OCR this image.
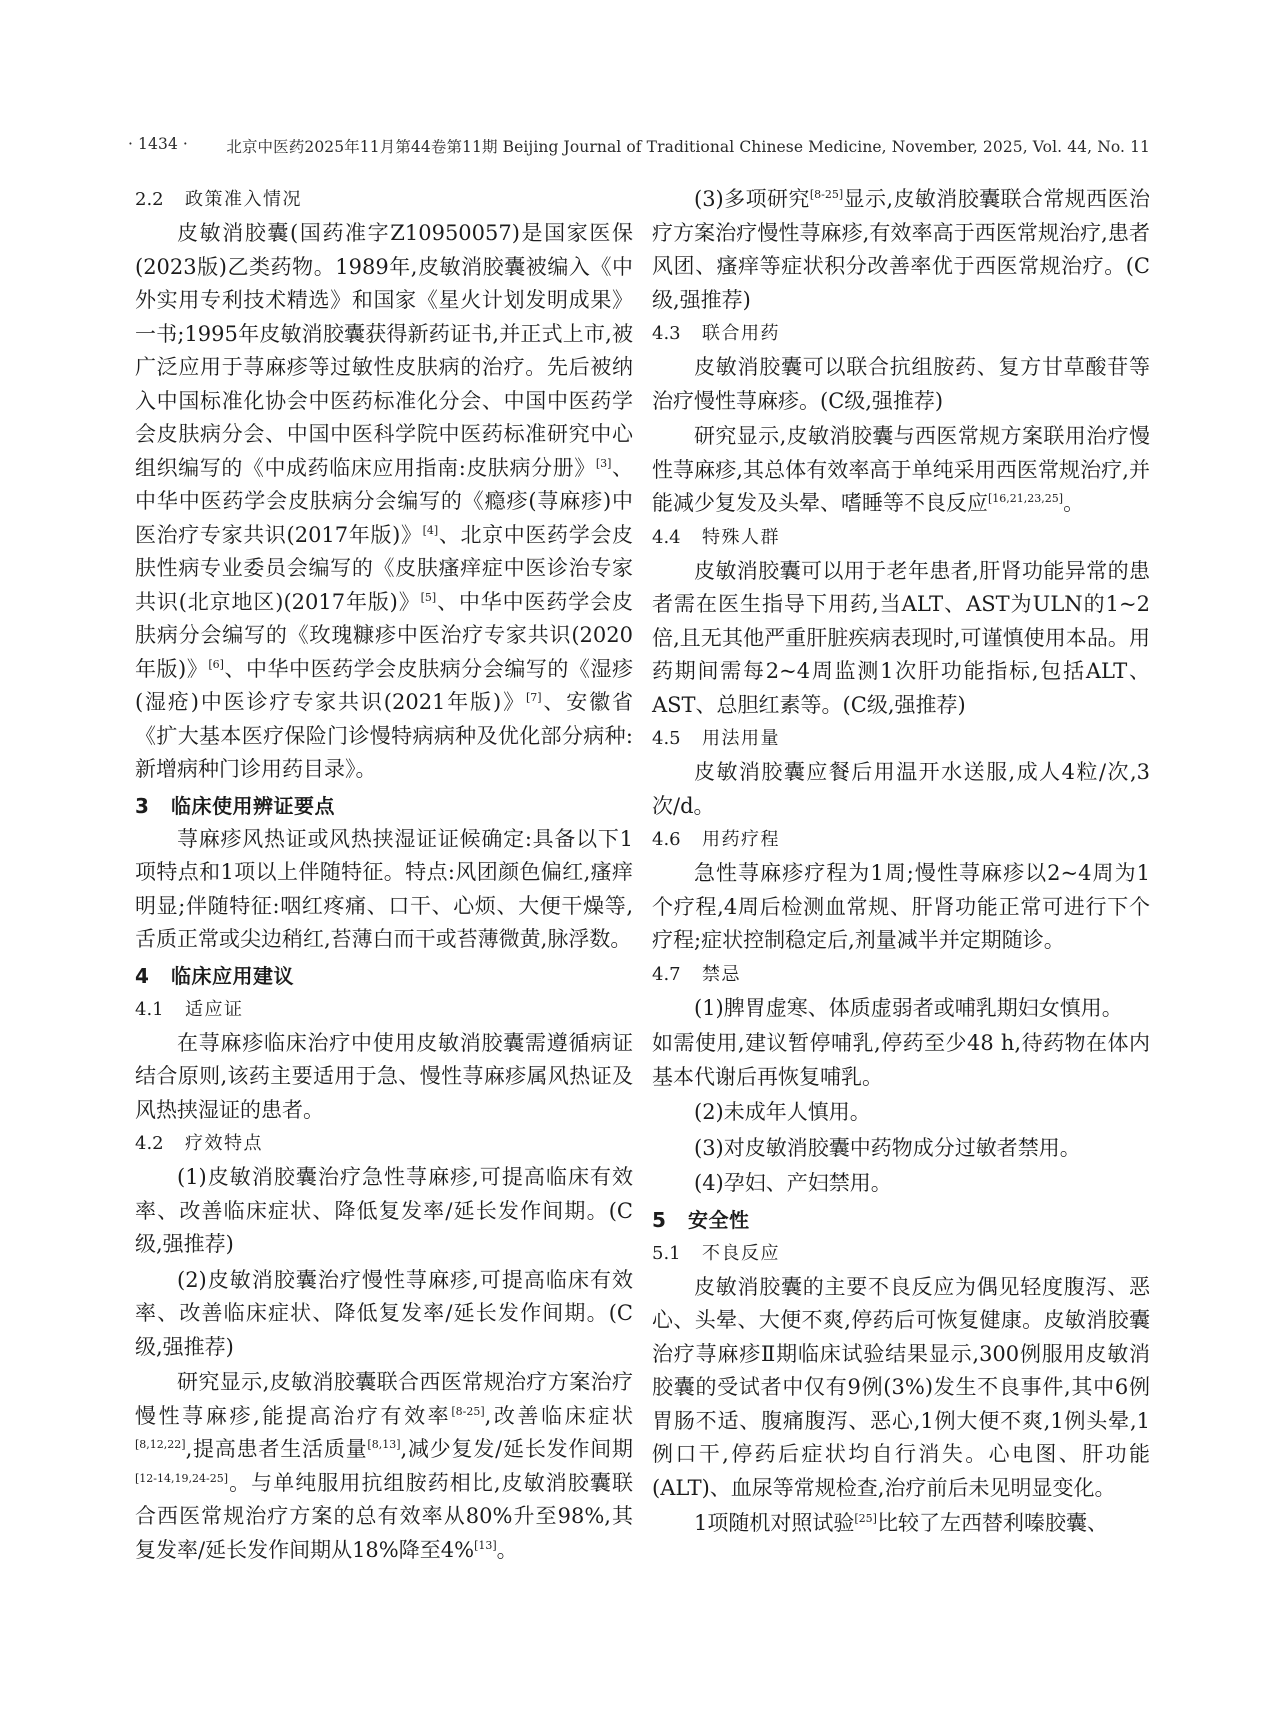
· 1434 · 北京中医药2025年11月第44卷第11期 Beijing Journal of Traditional Chinese Medicine, November, 2025, Vol. 44, No. 11
2.2 政策准入情况
皮敏消胶囊(国药准字Z10950057)是国家医保(2023版)乙类药物。1989年,皮敏消胶囊被编入《中外实用专利技术精选》和国家《星火计划发明成果》一书;1995年皮敏消胶囊获得新药证书,并正式上市,被广泛应用于荨麻疹等过敏性皮肤病的治疗。先后被纳入中国标准化协会中医药标准化分会、中国中医药学会皮肤病分会、中国中医科学院中医药标准研究中心组织编写的《中成药临床应用指南:皮肤病分册》[3]、中华中医药学会皮肤病分会编写的《瘾疹(荨麻疹)中医治疗专家共识(2017年版)》[4]、北京中医药学会皮肤性病专业委员会编写的《皮肤瘙痒症中医诊治专家共识(北京地区)(2017年版)》[5]、中华中医药学会皮肤病分会编写的《玫瑰糠疹中医治疗专家共识(2020年版)》[6]、中华中医药学会皮肤病分会编写的《湿疹(湿疮)中医诊疗专家共识(2021年版)》[7]、安徽省《扩大基本医疗保险门诊慢特病病种及优化部分病种:新增病种门诊用药目录》。
3 临床使用辨证要点
荨麻疹风热证或风热挟湿证证候确定:具备以下1项特点和1项以上伴随特征。特点:风团颜色偏红,瘙痒明显;伴随特征:咽红疼痛、口干、心烦、大便干燥等,舌质正常或尖边稍红,苔薄白而干或苔薄微黄,脉浮数。
4 临床应用建议
4.1 适应证
在荨麻疹临床治疗中使用皮敏消胶囊需遵循病证结合原则,该药主要适用于急、慢性荨麻疹属风热证及风热挟湿证的患者。
4.2 疗效特点
(1)皮敏消胶囊治疗急性荨麻疹,可提高临床有效率、改善临床症状、降低复发率/延长发作间期。(C级,强推荐)
(2)皮敏消胶囊治疗慢性荨麻疹,可提高临床有效率、改善临床症状、降低复发率/延长发作间期。(C级,强推荐)
研究显示,皮敏消胶囊联合西医常规治疗方案治疗慢性荨麻疹,能提高治疗有效率[8-25],改善临床症状[8,12,22],提高患者生活质量[8,13],减少复发/延长发作间期[12-14,19,24-25]。与单纯服用抗组胺药相比,皮敏消胶囊联合西医常规治疗方案的总有效率从80%升至98%,其复发率/延长发作间期从18%降至4%[13]。
(3)多项研究[8-25]显示,皮敏消胶囊联合常规西医治疗方案治疗慢性荨麻疹,有效率高于西医常规治疗,患者风团、瘙痒等症状积分改善率优于西医常规治疗。(C级,强推荐)
4.3 联合用药
皮敏消胶囊可以联合抗组胺药、复方甘草酸苷等治疗慢性荨麻疹。(C级,强推荐)
研究显示,皮敏消胶囊与西医常规方案联用治疗慢性荨麻疹,其总体有效率高于单纯采用西医常规治疗,并能减少复发及头晕、嗜睡等不良反应[16,21,23,25]。
4.4 特殊人群
皮敏消胶囊可以用于老年患者,肝肾功能异常的患者需在医生指导下用药,当ALT、AST为ULN的1~2倍,且无其他严重肝脏疾病表现时,可谨慎使用本品。用药期间需每2~4周监测1次肝功能指标,包括ALT、AST、总胆红素等。(C级,强推荐)
4.5 用法用量
皮敏消胶囊应餐后用温开水送服,成人4粒/次,3次/d。
4.6 用药疗程
急性荨麻疹疗程为1周;慢性荨麻疹以2~4周为1个疗程,4周后检测血常规、肝肾功能正常可进行下个疗程;症状控制稳定后,剂量减半并定期随诊。
4.7 禁忌
(1)脾胃虚寒、体质虚弱者或哺乳期妇女慎用。
如需使用,建议暂停哺乳,停药至少48 h,待药物在体内基本代谢后再恢复哺乳。
(2)未成年人慎用。
(3)对皮敏消胶囊中药物成分过敏者禁用。
(4)孕妇、产妇禁用。
5 安全性
5.1 不良反应
皮敏消胶囊的主要不良反应为偶见轻度腹泻、恶心、头晕、大便不爽,停药后可恢复健康。皮敏消胶囊治疗荨麻疹Ⅱ期临床试验结果显示,300例服用皮敏消胶囊的受试者中仅有9例(3%)发生不良事件,其中6例胃肠不适、腹痛腹泻、恶心,1例大便不爽,1例头晕,1例口干,停药后症状均自行消失。心电图、肝功能(ALT)、血尿等常规检查,治疗前后未见明显变化。
1项随机对照试验[25]比较了左西替利嗪胶囊、
